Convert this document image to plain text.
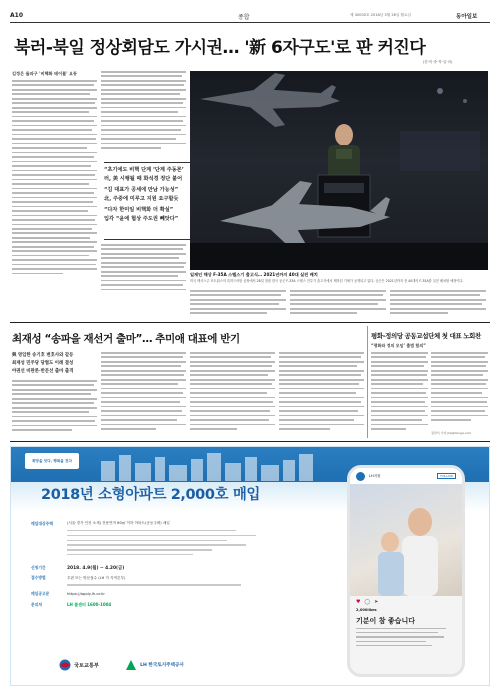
A10	종합	제 30000호 2018년 3월 26일 월요일	동아일보
북러-북일 정상회담도 가시권… '新 6자구도'로 판 커진다
(한·미·중·북·일·러)
김정은 돌파구 '비핵화 테이블' 요동
“초기에도 비핵 단계 ‘단계 주동론’
러, 美 시행될 때 화석경 정단 붙어
“김 대표가 공세에 만남 가능성”
北, 주중에 미루고 지원 요구할듯
“다자 한미일 비핵화 더 확실”
입각 “윤에 협상 주도권 빼앗다”
일제인 해상 F-35A 스텔스기 출고식… 2021년까지 40대 실전 배치
미국 텍사스주 포트워스의 록히드마틴 공장에서 28일 열린 한국 공군 F-35A 스텔스 전투기 출고식에서 제작된 기체가 공개되고 있다. 공군은 2021년까지 총 40대의 F-35A를 실전 배치할 예정이다.
최재성 “송파을 재선거 출마”… 추미애 대표에 반기
與 영입한 송기호 변호사와 갈등
최재성 민주당 당협도 이례 결성
야권선 비판론·반문선 출마 출격
평화-정의당 공동교섭단체 첫 대표 노회찬
“평화와 정의 모임’ 출범 합의”
장관석 기자 jks@donga.com
희망을 잇다, 행복을 짓다
2018년 소형아파트 2,000호 매입
매입대상주택	(서울·경기·인천 소재) 전용면적 60㎡ 이하 아파트(공동주택) 매입
신청기간	2018. 4.9(월) ~ 4.20(금)
접수방법	우편 또는 방문접수 (LH 각 지역본부)
매입공고문	https://apply.lh.or.kr
문의처	LH 콜센터 1600-1004
국토교통부	LH 한국토지주택공사
LH지원	FOLLOW
♥ ◯ ➤
2,000likes
기분이 참 좋습니다
